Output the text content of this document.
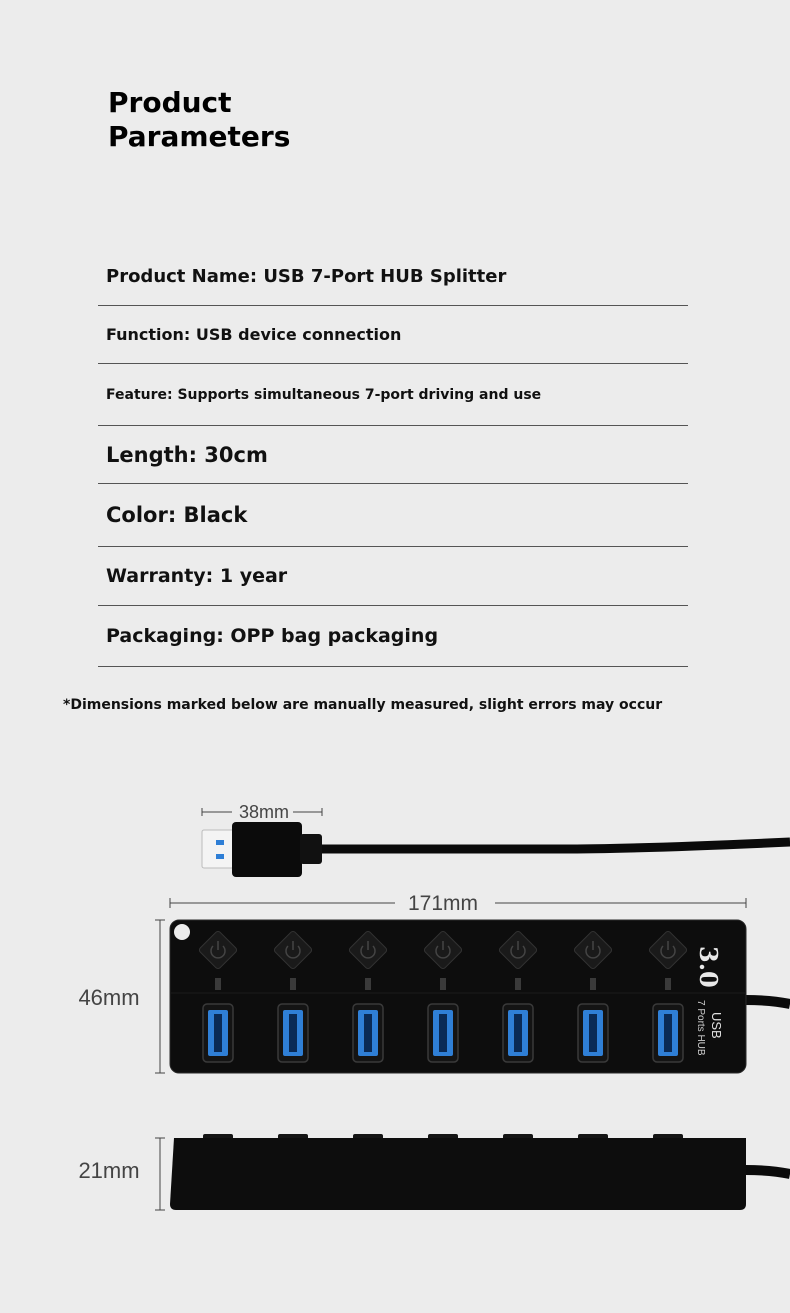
Product
Parameters
Product Name: USB 7-Port HUB Splitter
Function: USB device connection
Feature: Supports simultaneous 7-port driving and use
Length: 30cm
Color: Black
Warranty: 1 year
Packaging: OPP bag packaging
*Dimensions marked below are manually measured, slight errors may occur
38mm
171mm
46mm
3.0
USB
7 Ports HUB
21mm
